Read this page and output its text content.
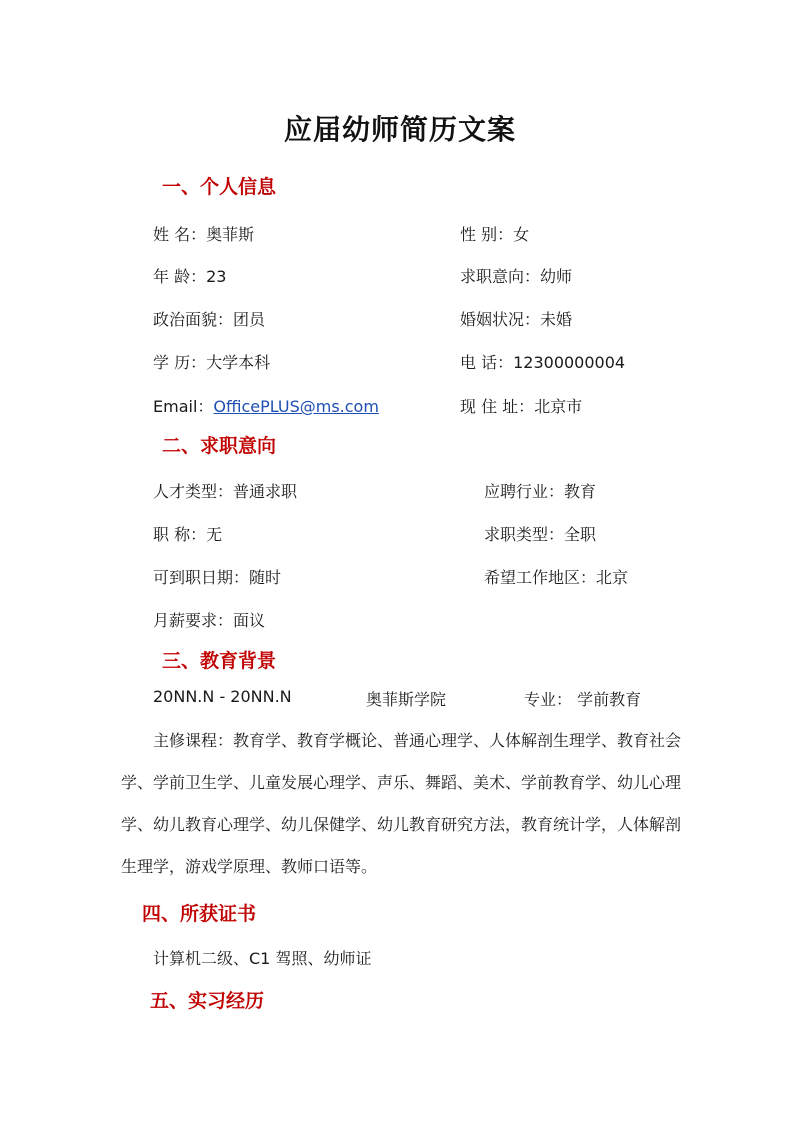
应届幼师简历文案
一、个人信息
姓 名：奥菲斯	性 别：女
年 龄：23	求职意向：幼师
政治面貌：团员	婚姻状况：未婚
学 历：大学本科	电 话：12300000004
Email：OfficePLUS@ms.com	现 住 址：北京市
二、求职意向
人才类型：普通求职	应聘行业：教育
职 称：无	求职类型：全职
可到职日期：随时	希望工作地区：北京
月薪要求：面议
三、教育背景
20NN.N - 20NN.N	奥菲斯学院	专业： 学前教育
主修课程：教育学、教育学概论、普通心理学、人体解剖生理学、教育社会学、学前卫生学、儿童发展心理学、声乐、舞蹈、美术、学前教育学、幼儿心理学、幼儿教育心理学、幼儿保健学、幼儿教育研究方法，教育统计学，人体解剖生理学，游戏学原理、教师口语等。
四、所获证书
计算机二级、C1 驾照、幼师证
五、实习经历
